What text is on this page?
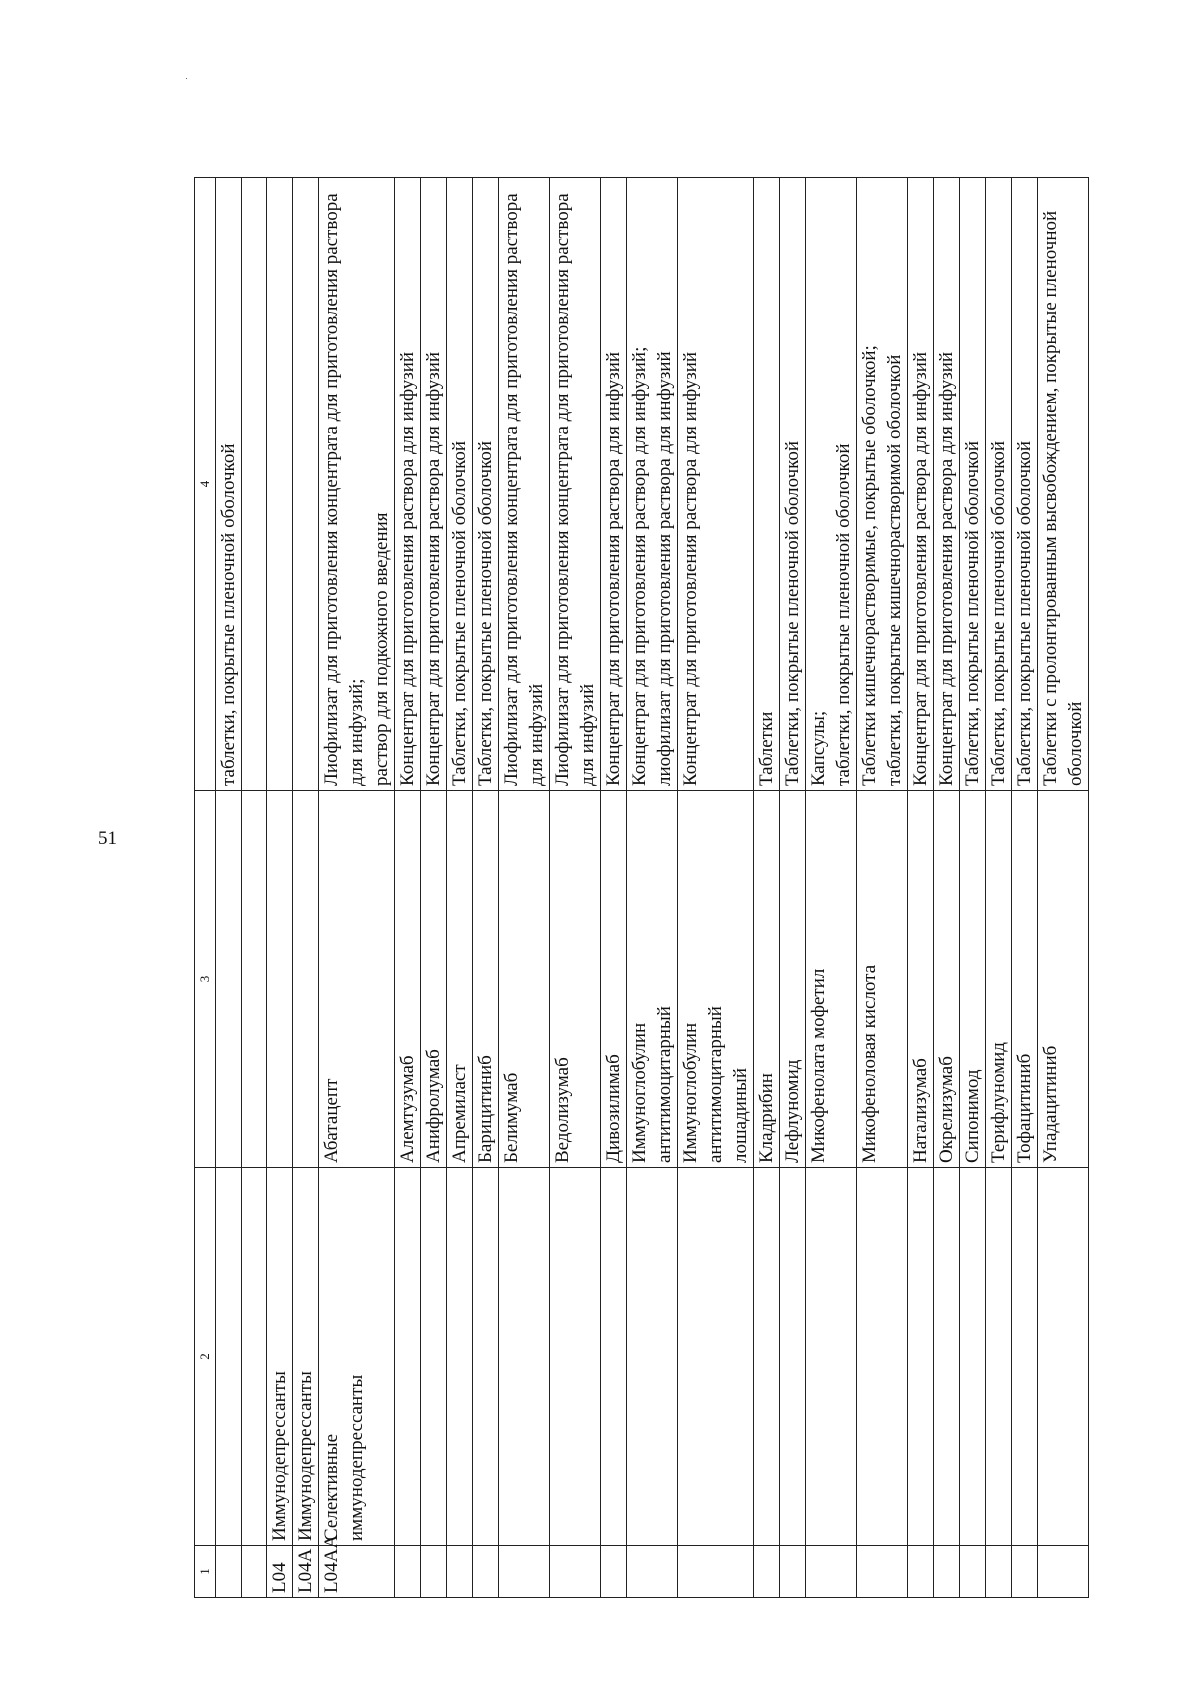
51
1	2	3	4

			таблетки, покрытые пленочной оболочкой

L04	Иммунодепрессанты		

L04A	Иммунодепрессанты		

L04AA	Селективные иммунодепрессанты	Абатацепт	Лиофилизат для приготовления концентрата для приготовления раствора для инфузий; раствор для подкожного введения

		Алемтузумаб	Концентрат для приготовления раствора для инфузий

		Анифролумаб	Концентрат для приготовления раствора для инфузий

		Апремиласт	Таблетки, покрытые пленочной оболочкой

		Барицитиниб	Таблетки, покрытые пленочной оболочкой

		Белимумаб	Лиофилизат для приготовления концентрата для приготовления раствора для инфузий

		Ведолизумаб	Лиофилизат для приготовления концентрата для приготовления раствора для инфузий

		Дивозилимаб	Концентрат для приготовления раствора для инфузий

		Иммуноглобулин антитимоцитарный	Концентрат для приготовления раствора для инфузий; лиофилизат для приготовления раствора для инфузий

		Иммуноглобулин антитимоцитарный лошадиный	Концентрат для приготовления раствора для инфузий

		Кладрибин	Таблетки

		Лефлуномид	Таблетки, покрытые пленочной оболочкой

		Микофенолата мофетил	Капсулы; таблетки, покрытые пленочной оболочкой

		Микофеноловая кислота	Таблетки кишечнорастворимые, покрытые оболочкой; таблетки, покрытые кишечнорастворимой оболочкой

		Натализумаб	Концентрат для приготовления раствора для инфузий

		Окрелизумаб	Концентрат для приготовления раствора для инфузий

		Сипонимод	Таблетки, покрытые пленочной оболочкой

		Терифлуномид	Таблетки, покрытые пленочной оболочкой

		Тофацитиниб	Таблетки, покрытые пленочной оболочкой

		Упадацитиниб	Таблетки с пролонгированным высвобождением, покрытые пленочной оболочкой
